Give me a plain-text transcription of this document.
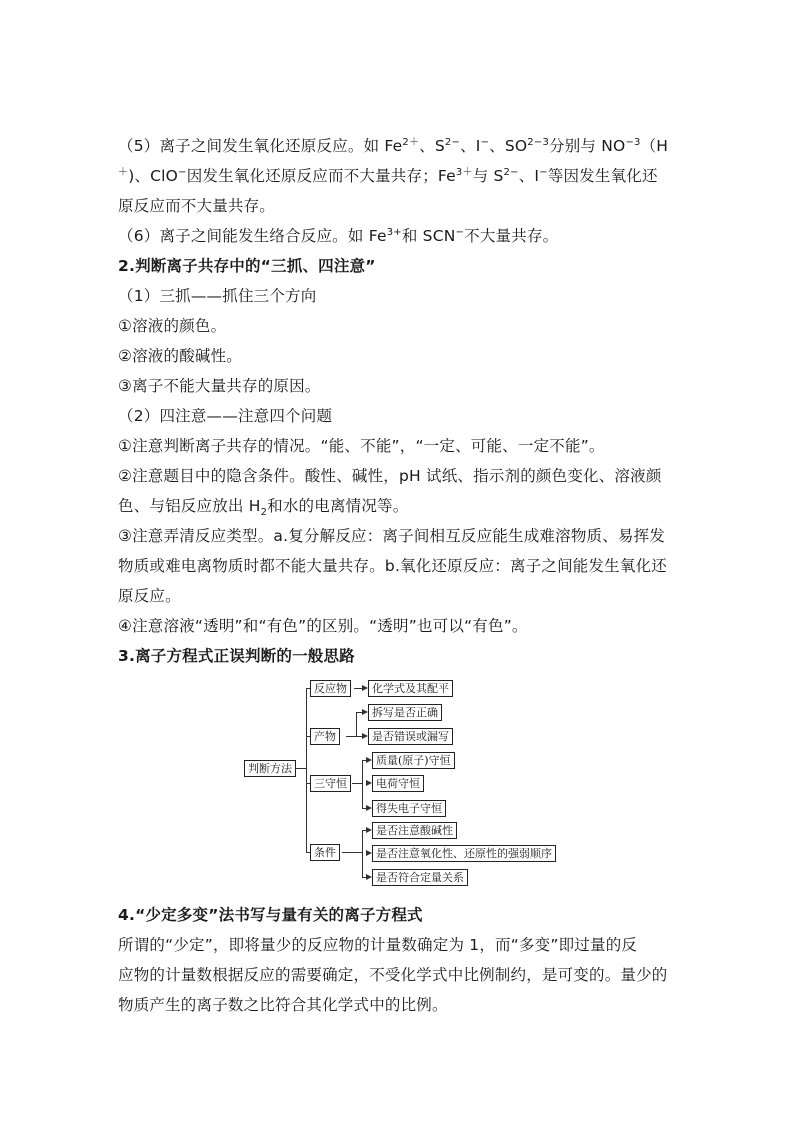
（5）离子之间发生氧化还原反应。如 $Fe^{2+}$、$S^{2-}$、I−、$SO^{2-3}$分别与 $NO^{-3}(H$
＋)、ClO−因发生氧化还原反应而不大量共存；$Fe^{3+}$与 $S^{2-}$、I−等因发生氧化还
原反应而不大量共存。
（6）离子之间能发生络合反应。如 $Fe^{3+}$和 SCN−不大量共存。
2.判断离子共存中的“三抓、四注意”
（1）三抓——抓住三个方向
①溶液的颜色。
②溶液的酸碱性。
③离子不能大量共存的原因。
（2）四注意——注意四个问题
①注意判断离子共存的情况。“能、不能”，“一定、可能、一定不能”。
②注意题目中的隐含条件。酸性、碱性，pH 试纸、指示剂的颜色变化、溶液颜
色、与铝反应放出 $H_2$和水的电离情况等。
③注意弄清反应类型。a.复分解反应：离子间相互反应能生成难溶物质、易挥发
物质或难电离物质时都不能大量共存。b.氧化还原反应：离子之间能发生氧化还
原反应。
④注意溶液“透明”和“有色”的区别。“透明”也可以“有色”。
3.离子方程式正误判断的一般思路
判断方法
反应物
产物
三守恒
条件
化学式及其配平
拆写是否正确
是否错误或漏写
质量(原子)守恒
电荷守恒
得失电子守恒
是否注意酸碱性
是否注意氧化性、还原性的强弱顺序
是否符合定量关系
4.“少定多变”法书写与量有关的离子方程式
所谓的“少定”，即将量少的反应物的计量数确定为 1，而“多变”即过量的反
应物的计量数根据反应的需要确定，不受化学式中比例制约，是可变的。量少的
物质产生的离子数之比符合其化学式中的比例。
